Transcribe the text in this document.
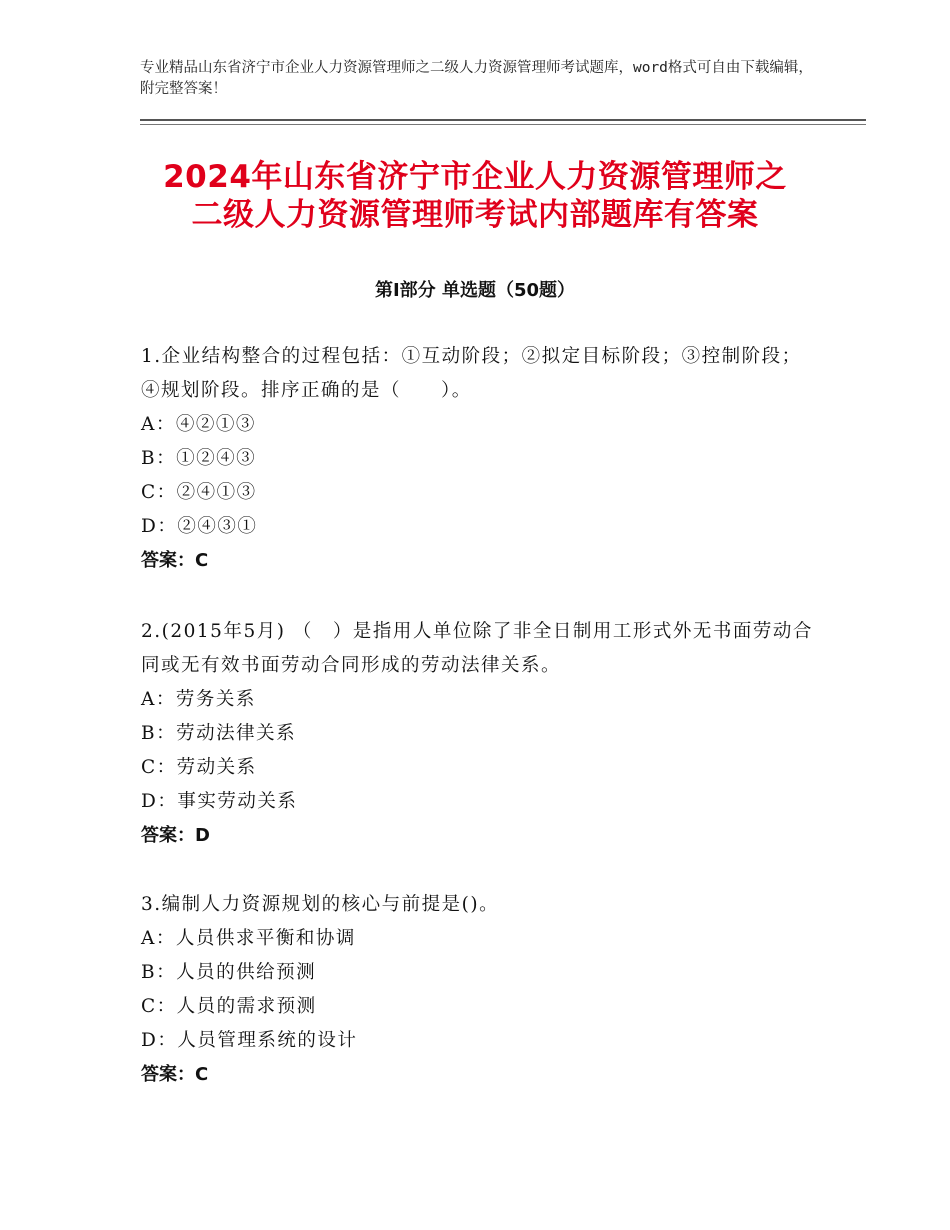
专业精品山东省济宁市企业人力资源管理师之二级人力资源管理师考试题库，word格式可自由下载编辑，附完整答案！
2024年山东省济宁市企业人力资源管理师之
二级人力资源管理师考试内部题库有答案
第Ⅰ部分 单选题（50题）
1.企业结构整合的过程包括：①互动阶段；②拟定目标阶段；③控制阶段；④规划阶段。排序正确的是（　　）。
A：④②①③
B：①②④③
C：②④①③
D：②④③①
答案：C
2.(2015年5月) （　）是指用人单位除了非全日制用工形式外无书面劳动合同或无有效书面劳动合同形成的劳动法律关系。
A：劳务关系
B：劳动法律关系
C：劳动关系
D：事实劳动关系
答案：D
3.编制人力资源规划的核心与前提是()。
A：人员供求平衡和协调
B：人员的供给预测
C：人员的需求预测
D：人员管理系统的设计
答案：C
